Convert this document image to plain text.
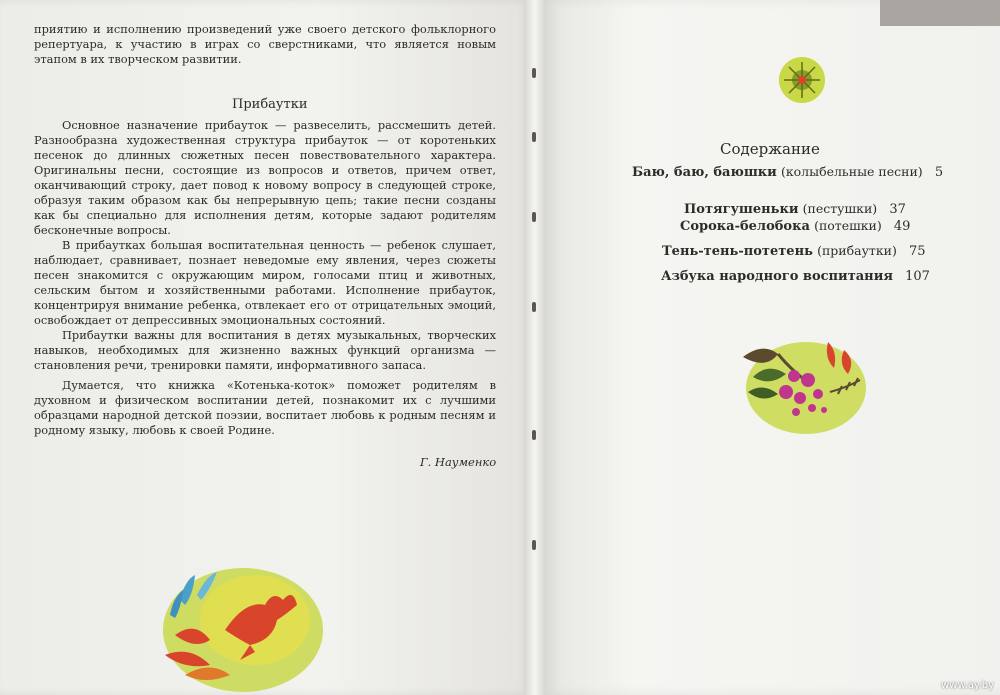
приятию и исполнению произведений уже своего детского фольклорного репертуара, к участию в играх со сверстниками, что является новым этапом в их творческом развитии.

Прибаутки

Основное назначение прибауток — развеселить, рассмешить детей. Разнообразна художественная структура прибауток — от коротеньких песенок до длинных сюжетных песен повествовательного характера. Оригинальны песни, состоящие из вопросов и ответов, причем ответ, оканчивающий строку, дает повод к новому вопросу в следующей строке, образуя таким образом как бы непрерывную цепь; такие песни созданы как бы специально для исполнения детям, которые задают родителям бесконечные вопросы.

В прибаутках большая воспитательная ценность — ребенок слушает, наблюдает, сравнивает, познает неведомые ему явления, через сюжеты песен знакомится с окружающим миром, голосами птиц и животных, сельским бытом и хозяйственными работами. Исполнение прибауток, концентрируя внимание ребенка, отвлекает его от отрицательных эмоций, освобождает от депрессивных эмоциональных состояний.

Прибаутки важны для воспитания в детях музыкальных, творческих навыков, необходимых для жизненно важных функций организма — становления речи, тренировки памяти, информативного запаса.

Думается, что книжка «Котенька-коток» поможет родителям в духовном и физическом воспитании детей, познакомит их с лучшими образцами народной детской поэзии, воспитает любовь к родным песням и родному языку, любовь к своей Родине.

Г. Науменко
Содержание
Баю, баю, баюшки (колыбельные песни) 5
Потягушеньки (пестушки) 37
Сорока-белобока (потешки) 49
Тень-тень-потетень (прибаутки) 75
Азбука народного воспитания 107
www.ay.by
